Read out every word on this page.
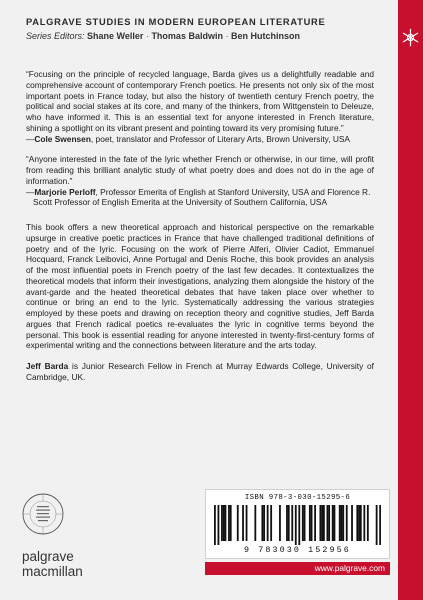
PALGRAVE STUDIES IN MODERN EUROPEAN LITERATURE
Series Editors: Shane Weller · Thomas Baldwin · Ben Hutchinson

“Focusing on the principle of recycled language, Barda gives us a delightfully readable and comprehensive account of contemporary French poetics. He presents not only six of the most important poets in France today, but also the history of twentieth century French poetry, the political and social stakes at its core, and many of the thinkers, from Wittgenstein to Deleuze, who have informed it. This is an essential text for anyone interested in French literature, shining a spotlight on its vibrant present and pointing toward its very promising future.”

—Cole Swensen, poet, translator and Professor of Literary Arts, Brown University, USA

“Anyone interested in the fate of the lyric whether French or otherwise, in our time, will profit from reading this brilliant analytic study of what poetry does and does not do in the age of information.”

—Marjorie Perloff, Professor Emerita of English at Stanford University, USA and Florence R. Scott Professor of English Emerita at the University of Southern California, USA

This book offers a new theoretical approach and historical perspective on the remarkable upsurge in creative poetic practices in France that have challenged traditional definitions of poetry and of the lyric. Focusing on the work of Pierre Alferi, Olivier Cadiot, Emmanuel Hocquard, Franck Leibovici, Anne Portugal and Denis Roche, this book provides an analysis of the most influential poets in French poetry of the last few decades. It contextualizes the theoretical models that inform their investigations, analyzing them alongside the history of the avant-garde and the heated theoretical debates that have taken place over whether to continue or bring an end to the lyric. Systematically addressing the various strategies employed by these poets and drawing on reception theory and cognitive studies, Jeff Barda argues that French radical poetics re-evaluates the lyric in cognitive terms beyond the personal. This book is essential reading for anyone interested in twenty-first-century forms of experimental writing and the connections between literature and the arts today.

Jeff Barda is Junior Research Fellow in French at Murray Edwards College, University of Cambridge, UK.

palgrave
macmillan
ISBN 978-3-030-15295-6
9 783030 152956
www.palgrave.com
